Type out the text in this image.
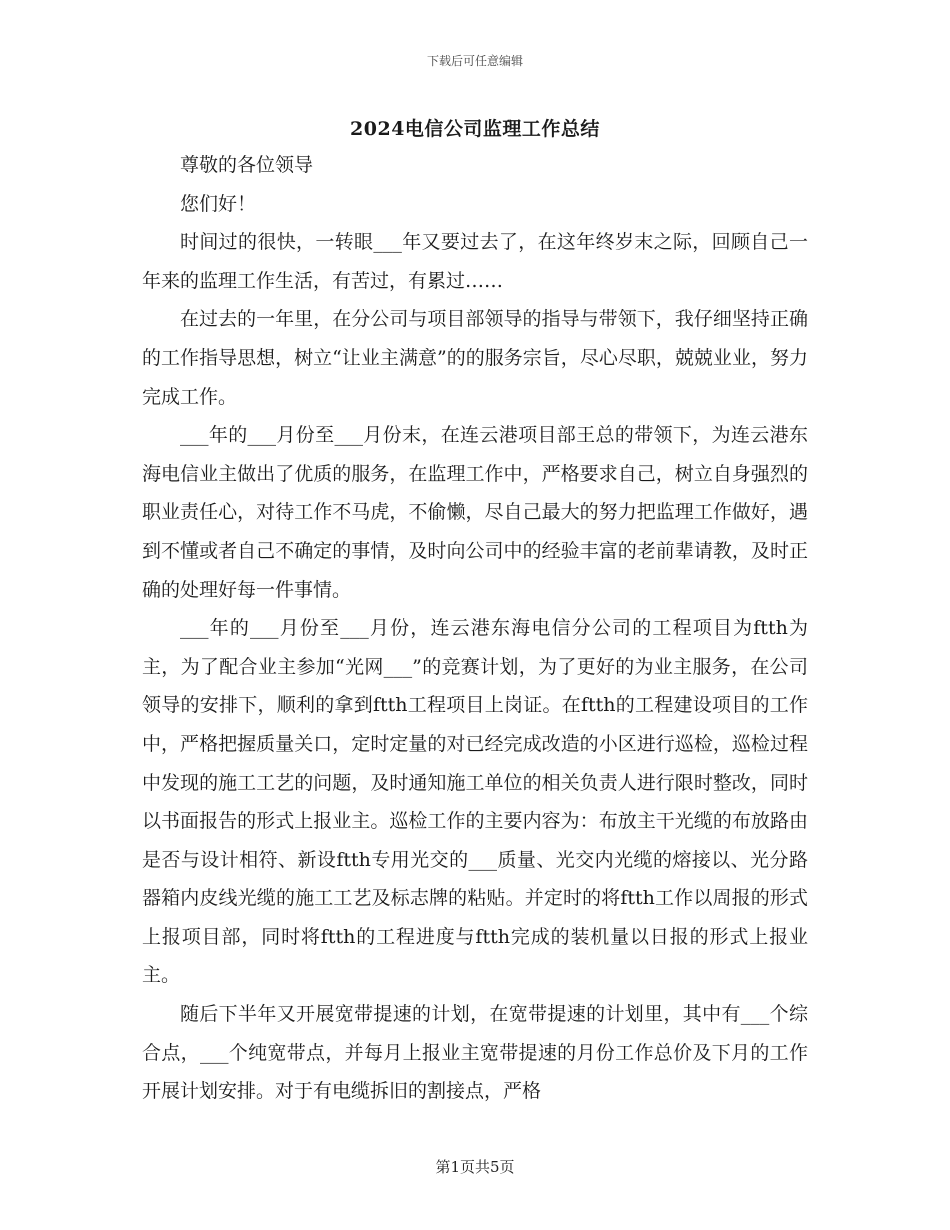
下载后可任意编辑
2024电信公司监理工作总结

尊敬的各位领导

您们好！

时间过的很快，一转眼___年又要过去了，在这年终岁末之际，回顾自己一年来的监理工作生活，有苦过，有累过……

在过去的一年里，在分公司与项目部领导的指导与带领下，我仔细坚持正确的工作指导思想，树立“让业主满意”的的服务宗旨，尽心尽职，兢兢业业，努力完成工作。

___年的___月份至___月份末，在连云港项目部王总的带领下，为连云港东海电信业主做出了优质的服务，在监理工作中，严格要求自己，树立自身强烈的职业责任心，对待工作不马虎，不偷懒，尽自己最大的努力把监理工作做好，遇到不懂或者自己不确定的事情，及时向公司中的经验丰富的老前辈请教，及时正确的处理好每一件事情。

___年的___月份至___月份，连云港东海电信分公司的工程项目为ftth为主，为了配合业主参加“光网___”的竞赛计划，为了更好的为业主服务，在公司领导的安排下，顺利的拿到ftth工程项目上岗证。在ftth的工程建设项目的工作中，严格把握质量关口，定时定量的对已经完成改造的小区进行巡检，巡检过程中发现的施工工艺的问题，及时通知施工单位的相关负责人进行限时整改，同时以书面报告的形式上报业主。巡检工作的主要内容为：布放主干光缆的布放路由是否与设计相符、新设ftth专用光交的___质量、光交内光缆的熔接以、光分路器箱内皮线光缆的施工工艺及标志牌的粘贴。并定时的将ftth工作以周报的形式上报项目部，同时将ftth的工程进度与ftth完成的装机量以日报的形式上报业主。

随后下半年又开展宽带提速的计划，在宽带提速的计划里，其中有___个综合点，___个纯宽带点，并每月上报业主宽带提速的月份工作总价及下月的工作开展计划安排。对于有电缆拆旧的割接点，严格

第1页共5页
